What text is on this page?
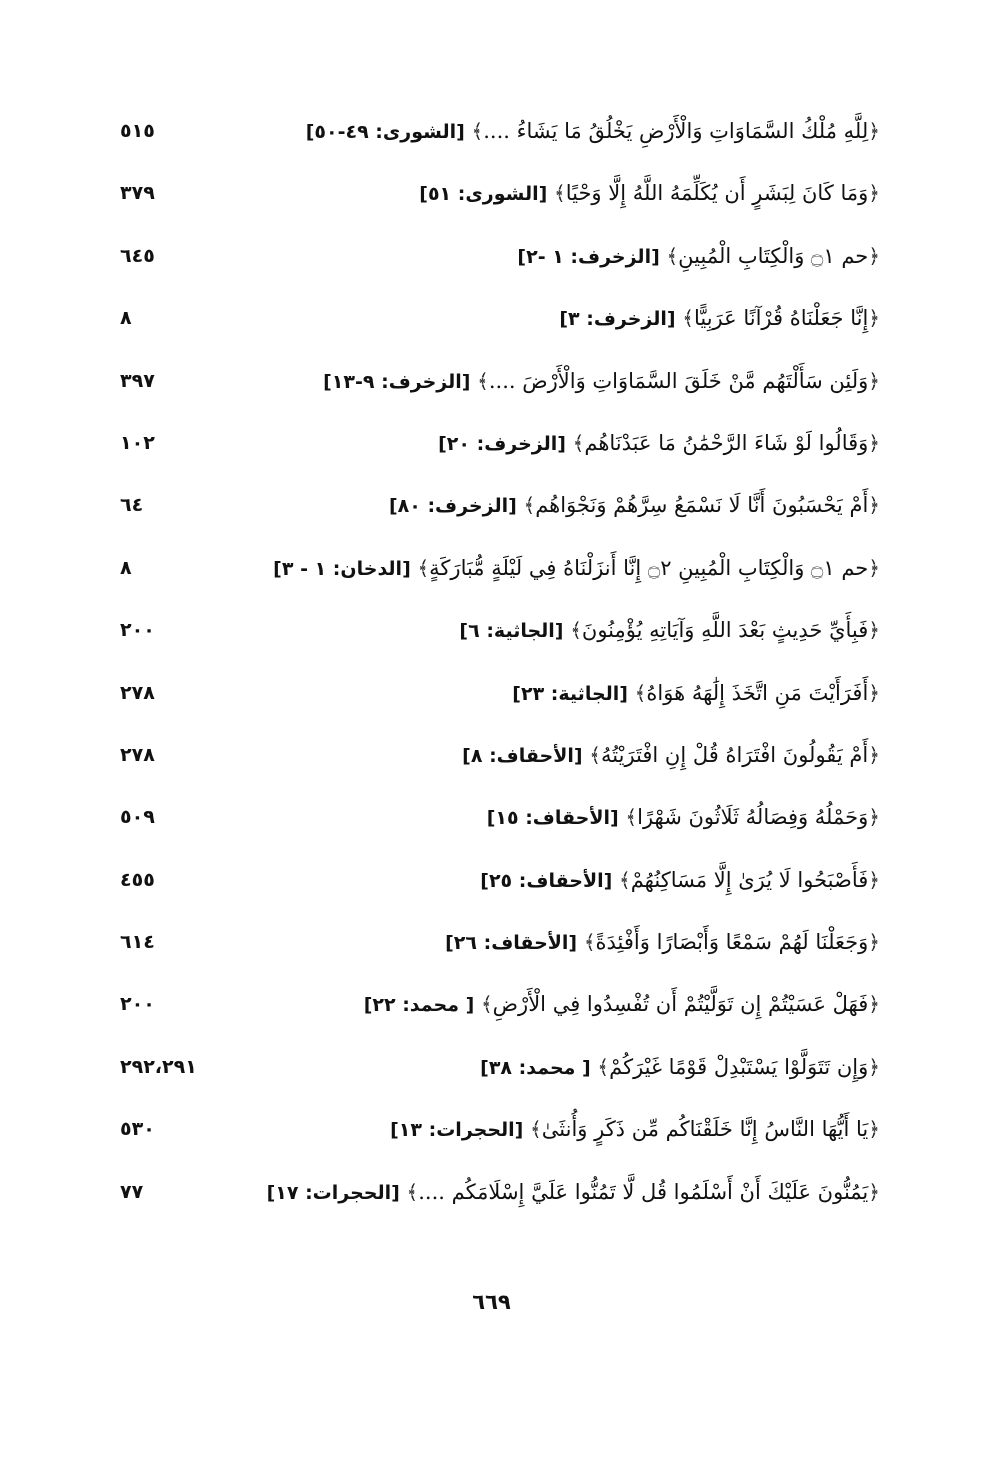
٥١٥	﴿لِلَّهِ مُلْكُ السَّمَاوَاتِ وَالْأَرْضِ يَخْلُقُ مَا يَشَاءُ ....﴾ [الشورى: ٤٩-٥٠]
٣٧٩	﴿وَمَا كَانَ لِبَشَرٍ أَن يُكَلِّمَهُ اللَّهُ إِلَّا وَحْيًا﴾ [الشورى: ٥١]
٦٤٥	﴿حم ۝١ وَالْكِتَابِ الْمُبِينِ﴾ [الزخرف: ١ -٢]
٨	﴿إِنَّا جَعَلْنَاهُ قُرْآنًا عَرَبِيًّا﴾ [الزخرف: ٣]
٣٩٧	﴿وَلَئِن سَأَلْتَهُم مَّنْ خَلَقَ السَّمَاوَاتِ وَالْأَرْضَ ....﴾ [الزخرف: ٩-١٣]
١٠٢	﴿وَقَالُوا لَوْ شَاءَ الرَّحْمَٰنُ مَا عَبَدْنَاهُم﴾ [الزخرف: ٢٠]
٦٤	﴿أَمْ يَحْسَبُونَ أَنَّا لَا نَسْمَعُ سِرَّهُمْ وَنَجْوَاهُم﴾ [الزخرف: ٨٠]
٨	﴿حم ۝١ وَالْكِتَابِ الْمُبِينِ ۝٢ إِنَّا أَنزَلْنَاهُ فِي لَيْلَةٍ مُّبَارَكَةٍ﴾ [الدخان: ١ - ٣]
٢٠٠	﴿فَبِأَيِّ حَدِيثٍ بَعْدَ اللَّهِ وَآيَاتِهِ يُؤْمِنُونَ﴾ [الجاثية: ٦]
٢٧٨	﴿أَفَرَأَيْتَ مَنِ اتَّخَذَ إِلَٰهَهُ هَوَاهُ﴾ [الجاثية: ٢٣]
٢٧٨	﴿أَمْ يَقُولُونَ افْتَرَاهُ قُلْ إِنِ افْتَرَيْتُهُ﴾ [الأحقاف: ٨]
٥٠٩	﴿وَحَمْلُهُ وَفِصَالُهُ ثَلَاثُونَ شَهْرًا﴾ [الأحقاف: ١٥]
٤٥٥	﴿فَأَصْبَحُوا لَا يُرَىٰ إِلَّا مَسَاكِنُهُمْ﴾ [الأحقاف: ٢٥]
٦١٤	﴿وَجَعَلْنَا لَهُمْ سَمْعًا وَأَبْصَارًا وَأَفْئِدَةً﴾ [الأحقاف: ٢٦]
٢٠٠	﴿فَهَلْ عَسَيْتُمْ إِن تَوَلَّيْتُمْ أَن تُفْسِدُوا فِي الْأَرْضِ﴾ [ محمد: ٢٢]
٢٩٢،٢٩١	﴿وَإِن تَتَوَلَّوْا يَسْتَبْدِلْ قَوْمًا غَيْرَكُمْ﴾ [ محمد: ٣٨]
٥٣٠	﴿يَا أَيُّهَا النَّاسُ إِنَّا خَلَقْنَاكُم مِّن ذَكَرٍ وَأُنثَىٰ﴾ [الحجرات: ١٣]
٧٧	﴿يَمُنُّونَ عَلَيْكَ أَنْ أَسْلَمُوا قُل لَّا تَمُنُّوا عَلَيَّ إِسْلَامَكُم ....﴾ [الحجرات: ١٧]
٦٦٩
